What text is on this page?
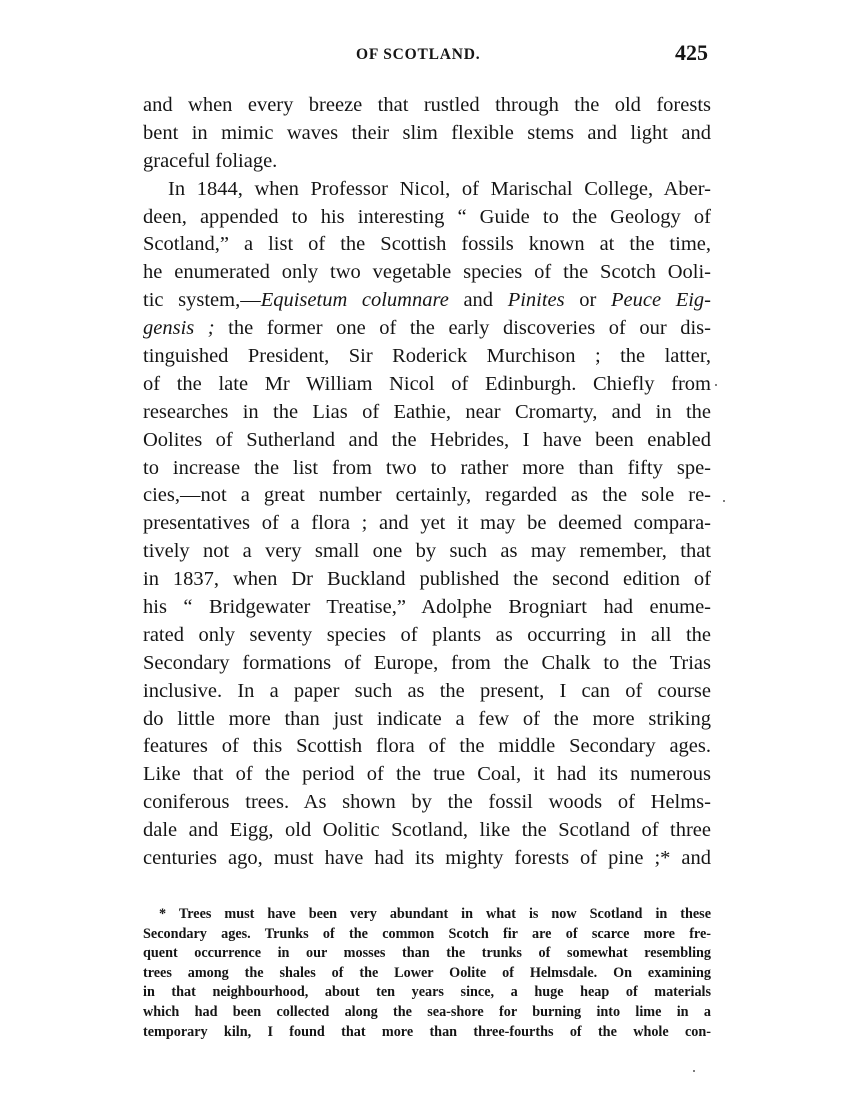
OF SCOTLAND.	425
and when every breeze that rustled through the old forests
bent in mimic waves their slim flexible stems and light and
graceful foliage.
In 1844, when Professor Nicol, of Marischal College, Aber-
deen, appended to his interesting “ Guide to the Geology of
Scotland,” a list of the Scottish fossils known at the time,
he enumerated only two vegetable species of the Scotch Ooli-
tic system,—Equisetum columnare and Pinites or Peuce Eig-
gensis ; the former one of the early discoveries of our dis-
tinguished President, Sir Roderick Murchison ; the latter,
of the late Mr William Nicol of Edinburgh. Chiefly from
researches in the Lias of Eathie, near Cromarty, and in the
Oolites of Sutherland and the Hebrides, I have been enabled
to increase the list from two to rather more than fifty spe-
cies,—not a great number certainly, regarded as the sole re-
presentatives of a flora ; and yet it may be deemed compara-
tively not a very small one by such as may remember, that
in 1837, when Dr Buckland published the second edition of
his “ Bridgewater Treatise,” Adolphe Brogniart had enume-
rated only seventy species of plants as occurring in all the
Secondary formations of Europe, from the Chalk to the Trias
inclusive. In a paper such as the present, I can of course
do little more than just indicate a few of the more striking
features of this Scottish flora of the middle Secondary ages.
Like that of the period of the true Coal, it had its numerous
coniferous trees. As shown by the fossil woods of Helms-
dale and Eigg, old Oolitic Scotland, like the Scotland of three
centuries ago, must have had its mighty forests of pine ;* and
* Trees must have been very abundant in what is now Scotland in these
Secondary ages. Trunks of the common Scotch fir are of scarce more fre-
quent occurrence in our mosses than the trunks of somewhat resembling
trees among the shales of the Lower Oolite of Helmsdale. On examining
in that neighbourhood, about ten years since, a huge heap of materials
which had been collected along the sea-shore for burning into lime in a
temporary kiln, I found that more than three-fourths of the whole con-
